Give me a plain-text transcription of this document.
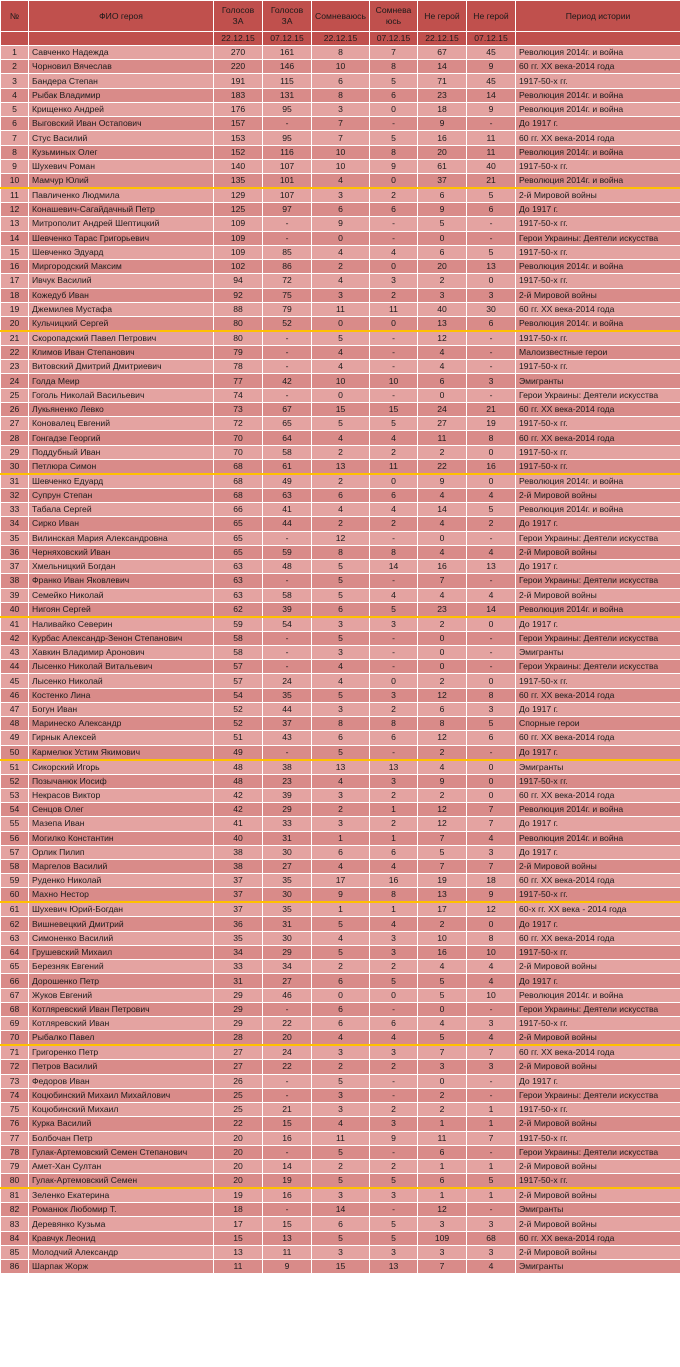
№	ФИО героя	Голосов ЗА	Голосов ЗА	Сомневаюсь	Сомневаюсь	Не герой	Не герой	Период истории
		22.12.15	07.12.15	22.12.15	07.12.15	22.12.15	07.12.15	
1	Савченко Надежда	270	161	8	7	67	45	Революция 2014г. и война
2	Чорновил Вячеслав	220	146	10	8	14	9	60 гг. XX века-2014 года
3	Бандера Степан	191	115	6	5	71	45	1917-50-х гг.
4	Рыбак Владимир	183	131	8	6	23	14	Революция 2014г. и война
5	Крищенко Андрей	176	95	3	0	18	9	Революция 2014г. и война
6	Выговский Иван Остапович	157	-	7	-	9	-	До 1917 г.
7	Стус Василий	153	95	7	5	16	11	60 гг. XX века-2014 года
8	Кузьминых Олег	152	116	10	8	20	11	Революция 2014г. и война
9	Шухевич Роман	140	107	10	9	61	40	1917-50-х гг.
10	Мамчур Юлий	135	101	4	0	37	21	Революция 2014г. и война
11	Павличенко Людмила	129	107	3	2	6	5	2-й Мировой войны
12	Конашевич-Сагайдачный Петр	125	97	6	6	9	6	До 1917 г.
13	Митрополит Андрей Шептицкий	109	-	9	-	5	-	1917-50-х гг.
14	Шевченко Тарас Григорьевич	109	-	0	-	0	-	Герои Украины: Деятели искусства
15	Шевченко Эдуард	109	85	4	4	6	5	1917-50-х гг.
16	Миргородский Максим	102	86	2	0	20	13	Революция 2014г. и война
17	Ивчук Василий	94	72	4	3	2	0	1917-50-х гг.
18	Кожедуб Иван	92	75	3	2	3	3	2-й Мировой войны
19	Джемилев Мустафа	88	79	11	11	40	30	60 гг. XX века-2014 года
20	Кульчицкий Сергей	80	52	0	0	13	6	Революция 2014г. и война
21	Скоропадский Павел Петрович	80	-	5	-	12	-	1917-50-х гг.
22	Климов Иван Степанович	79	-	4	-	4	-	Малоизвестные герои
23	Витовский Дмитрий Дмитриевич	78	-	4	-	4	-	1917-50-х гг.
24	Голда Меир	77	42	10	10	6	3	Эмигранты
25	Гоголь Николай Васильевич	74	-	0	-	0	-	Герои Украины: Деятели искусства
26	Лукьяненко Левко	73	67	15	15	24	21	60 гг. XX века-2014 года
27	Коновалец Евгений	72	65	5	5	27	19	1917-50-х гг.
28	Гонгадзе Георгий	70	64	4	4	11	8	60 гг. XX века-2014 года
29	Поддубный Иван	70	58	2	2	2	0	1917-50-х гг.
30	Петлюра Симон	68	61	13	11	22	16	1917-50-х гг.
31	Шевченко Едуард	68	49	2	0	9	0	Революция 2014г. и война
32	Супрун Степан	68	63	6	6	4	4	2-й Мировой войны
33	Табала Сергей	66	41	4	4	14	5	Революция 2014г. и война
34	Сирко Иван	65	44	2	2	4	2	До 1917 г.
35	Вилинская Мария Александровна	65	-	12	-	0	-	Герои Украины: Деятели искусства
36	Черняховский Иван	65	59	8	8	4	4	2-й Мировой войны
37	Хмельницкий Богдан	63	48	5	14	16	13	До 1917 г.
38	Франко Иван Яковлевич	63	-	5	-	7	-	Герои Украины: Деятели искусства
39	Семейко Николай	63	58	5	4	4	4	2-й Мировой войны
40	Нигоян Сергей	62	39	6	5	23	14	Революция 2014г. и война
41	Наливайко Северин	59	54	3	3	2	0	До 1917 г.
42	Курбас Александр-Зенон Степанович	58	-	5	-	0	-	Герои Украины: Деятели искусства
43	Хавкин Владимир Аронович	58	-	3	-	0	-	Эмигранты
44	Лысенко Николай Витальевич	57	-	4	-	0	-	Герои Украины: Деятели искусства
45	Лысенко Николай	57	24	4	0	2	0	1917-50-х гг.
46	Костенко Лина	54	35	5	3	12	8	60 гг. XX века-2014 года
47	Богун Иван	52	44	3	2	6	3	До 1917 г.
48	Маринеско Александр	52	37	8	8	8	5	Спорные герои
49	Гирнык Алексей	51	43	6	6	12	6	60 гг. XX века-2014 года
50	Кармелюк Устим Якимович	49	-	5	-	2	-	До 1917 г.
51	Сикорский Игорь	48	38	13	13	4	0	Эмигранты
52	Позычанюк Иосиф	48	23	4	3	9	0	1917-50-х гг.
53	Некрасов Виктор	42	39	3	2	2	0	60 гг. XX века-2014 года
54	Сенцов Олег	42	29	2	1	12	7	Революция 2014г. и война
55	Мазепа Иван	41	33	3	2	12	7	До 1917 г.
56	Могилко Константин	40	31	1	1	7	4	Революция 2014г. и война
57	Орлик Пилип	38	30	6	6	5	3	До 1917 г.
58	Маргелов Василий	38	27	4	4	7	7	2-й Мировой войны
59	Руденко Николай	37	35	17	16	19	18	60 гг. XX века-2014 года
60	Махно Нестор	37	30	9	8	13	9	1917-50-х гг.
61	Шухевич Юрий-Богдан	37	35	1	1	17	12	60-х гг. XX века - 2014 года
62	Вишневецкий Дмитрий	36	31	5	4	2	0	До 1917 г.
63	Симоненко Василий	35	30	4	3	10	8	60 гг. XX века-2014 года
64	Грушевский Михаил	34	29	5	3	16	10	1917-50-х гг.
65	Березняк Евгений	33	34	2	2	4	4	2-й Мировой войны
66	Дорошенко Петр	31	27	6	5	5	4	До 1917 г.
67	Жуков Евгений	29	46	0	0	5	10	Революция 2014г. и война
68	Котляревский Иван Петрович	29	-	6	-	0	-	Герои Украины: Деятели искусства
69	Котляревский Иван	29	22	6	6	4	3	1917-50-х гг.
70	Рыбалко Павел	28	20	4	4	5	4	2-й Мировой войны
71	Григоренко Петр	27	24	3	3	7	7	60 гг. XX века-2014 года
72	Петров Василий	27	22	2	2	3	3	2-й Мировой войны
73	Федоров Иван	26	-	5	-	0	-	До 1917 г.
74	Коцюбинский Михаил Михайлович	25	-	3	-	2	-	Герои Украины: Деятели искусства
75	Коцюбинский Михаил	25	21	3	2	2	1	1917-50-х гг.
76	Курка Василий	22	15	4	3	1	1	2-й Мировой войны
77	Болбочан Петр	20	16	11	9	11	7	1917-50-х гг.
78	Гулак-Артемовский Семен Степанович	20	-	5	-	6	-	Герои Украины: Деятели искусства
79	Амет-Хан Султан	20	14	2	2	1	1	2-й Мировой войны
80	Гулак-Артемовский Семен	20	19	5	5	6	5	1917-50-х гг.
81	Зеленко Екатерина	19	16	3	3	1	1	2-й Мировой войны
82	Романюк Любомир Т.	18	-	14	-	12	-	Эмигранты
83	Деревянко Кузьма	17	15	6	5	3	3	2-й Мировой войны
84	Кравчук Леонид	15	13	5	5	109	68	60 гг. XX века-2014 года
85	Молодчий Александр	13	11	3	3	3	3	2-й Мировой войны
86	Шарпак Жорж	11	9	15	13	7	4	Эмигранты
